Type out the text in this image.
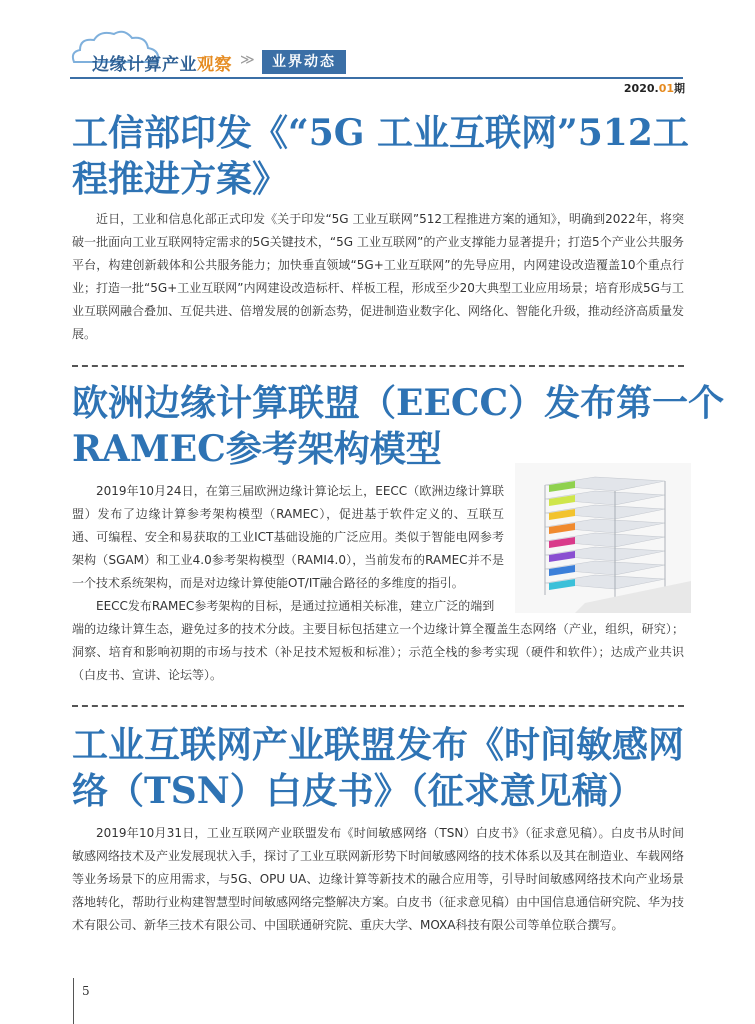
边缘计算产业观察 ≫	业界动态
2020.01期
工信部印发《“5G 工业互联网”512工
程推进方案》
近日，工业和信息化部正式印发《关于印发“5G 工业互联网”512工程推进方案的通知》，明确到2022年，将突破一批面向工业互联网特定需求的5G关键技术，“5G 工业互联网”的产业支撑能力显著提升；打造5个产业公共服务平台，构建创新载体和公共服务能力；加快垂直领域“5G+工业互联网”的先导应用，内网建设改造覆盖10个重点行业；打造一批“5G+工业互联网”内网建设改造标杆、样板工程，形成至少20大典型工业应用场景；培育形成5G与工业互联网融合叠加、互促共进、倍增发展的创新态势，促进制造业数字化、网络化、智能化升级，推动经济高质量发展。
欧洲边缘计算联盟（EECC）发布第一个
RAMEC参考架构模型
2019年10月24日，在第三届欧洲边缘计算论坛上，EECC（欧洲边缘计算联盟）发布了边缘计算参考架构模型（RAMEC），促进基于软件定义的、互联互通、可编程、安全和易获取的工业ICT基础设施的广泛应用。类似于智能电网参考架构（SGAM）和工业4.0参考架构模型（RAMI4.0），当前发布的RAMEC并不是一个技术系统架构，而是对边缘计算使能OT/IT融合路径的多维度的指引。
EECC发布RAMEC参考架构的目标，是通过拉通相关标准，建立广泛的端到
端的边缘计算生态，避免过多的技术分歧。主要目标包括建立一个边缘计算全覆盖生态网络（产业，组织，研究）；洞察、培育和影响初期的市场与技术（补足技术短板和标准）；示范全栈的参考实现（硬件和软件）；达成产业共识（白皮书、宣讲、论坛等）。
工业互联网产业联盟发布《时间敏感网
络（TSN）白皮书》（征求意见稿）
2019年10月31日，工业互联网产业联盟发布《时间敏感网络（TSN）白皮书》（征求意见稿）。白皮书从时间敏感网络技术及产业发展现状入手，探讨了工业互联网新形势下时间敏感网络的技术体系以及其在制造业、车载网络等业务场景下的应用需求，与5G、OPU UA、边缘计算等新技术的融合应用等，引导时间敏感网络技术向产业场景落地转化，帮助行业构建智慧型时间敏感网络完整解决方案。白皮书（征求意见稿）由中国信息通信研究院、华为技术有限公司、新华三技术有限公司、中国联通研究院、重庆大学、MOXA科技有限公司等单位联合撰写。
5
